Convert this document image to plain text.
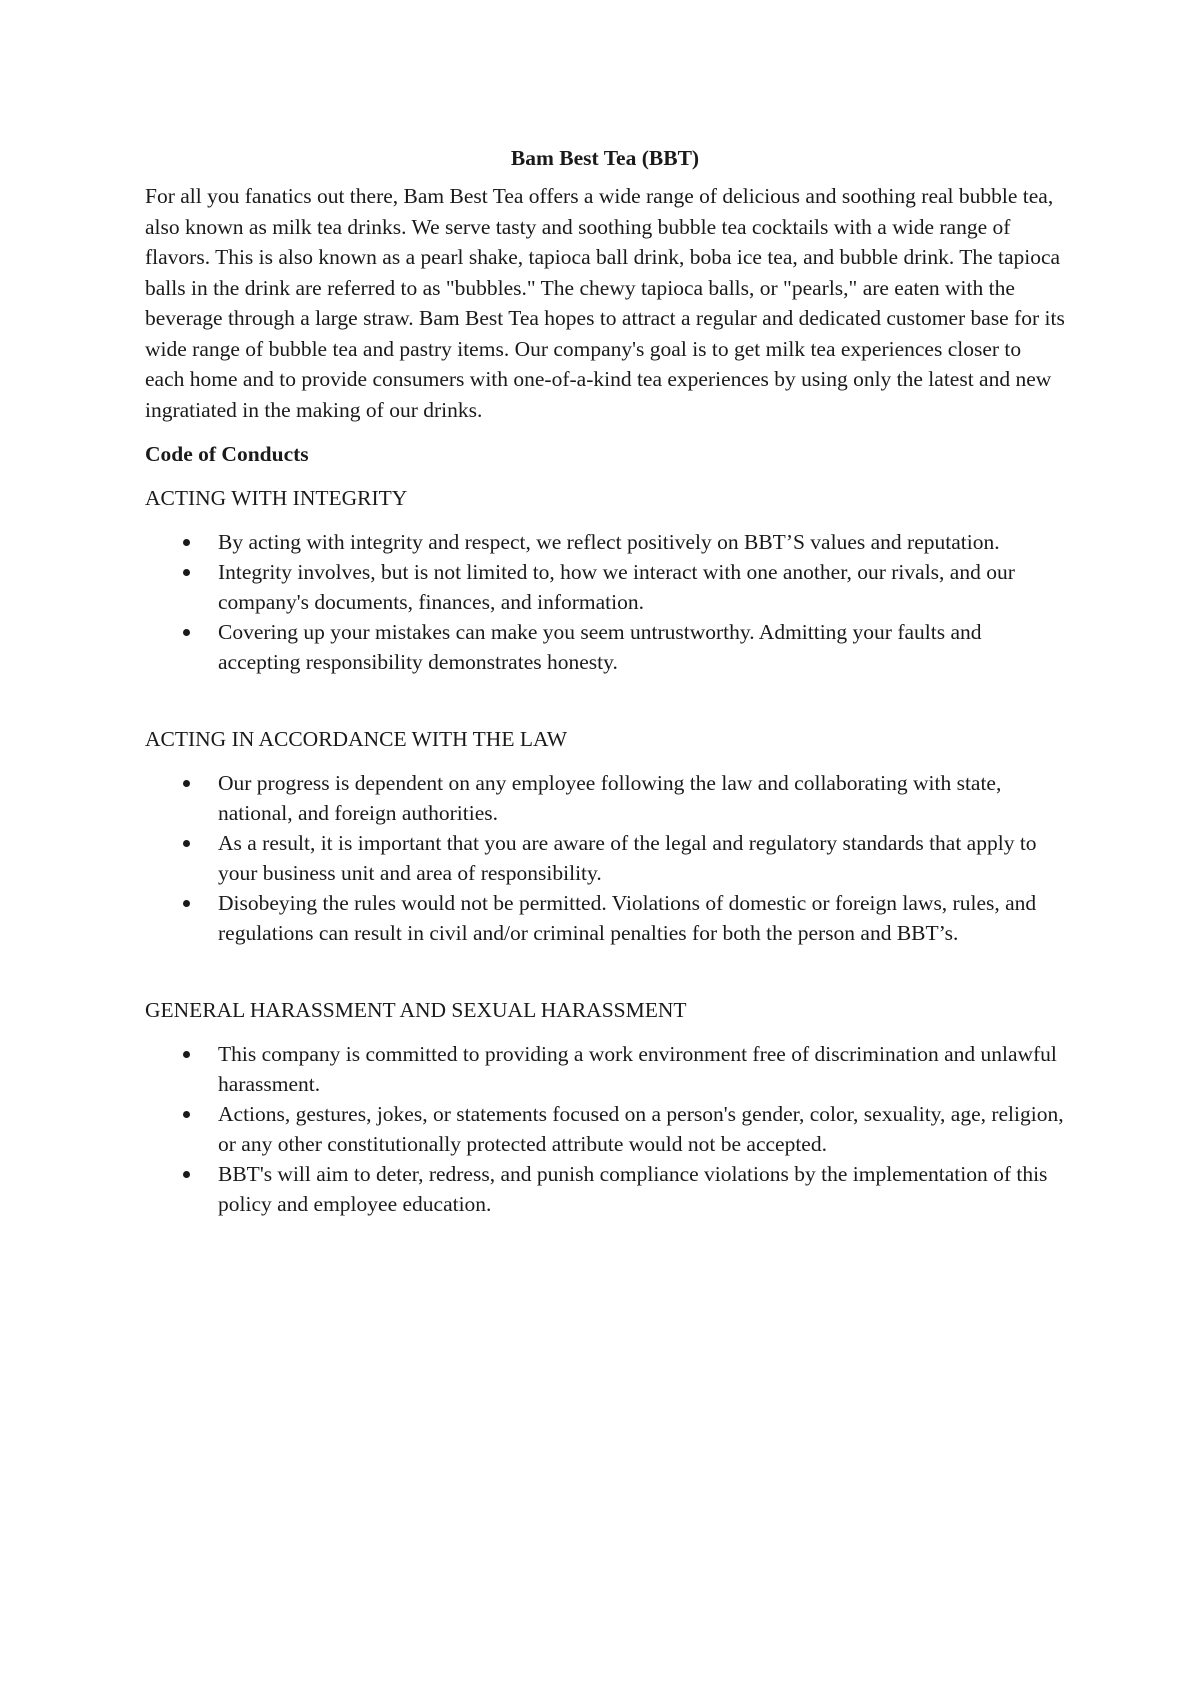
Bam Best Tea (BBT)

For all you fanatics out there, Bam Best Tea offers a wide range of delicious and soothing real bubble tea, also known as milk tea drinks. We serve tasty and soothing bubble tea cocktails with a wide range of flavors. This is also known as a pearl shake, tapioca ball drink, boba ice tea, and bubble drink. The tapioca balls in the drink are referred to as "bubbles." The chewy tapioca balls, or "pearls," are eaten with the beverage through a large straw. Bam Best Tea hopes to attract a regular and dedicated customer base for its wide range of bubble tea and pastry items. Our company's goal is to get milk tea experiences closer to each home and to provide consumers with one-of-a-kind tea experiences by using only the latest and new ingratiated in the making of our drinks.

Code of Conducts
ACTING WITH INTEGRITY
By acting with integrity and respect, we reflect positively on BBT’S values and reputation.
Integrity involves, but is not limited to, how we interact with one another, our rivals, and our company's documents, finances, and information.
Covering up your mistakes can make you seem untrustworthy. Admitting your faults and accepting responsibility demonstrates honesty.
ACTING IN ACCORDANCE WITH THE LAW
Our progress is dependent on any employee following the law and collaborating with state, national, and foreign authorities.
As a result, it is important that you are aware of the legal and regulatory standards that apply to your business unit and area of responsibility.
Disobeying the rules would not be permitted. Violations of domestic or foreign laws, rules, and regulations can result in civil and/or criminal penalties for both the person and BBT’s.
GENERAL HARASSMENT AND SEXUAL HARASSMENT
This company is committed to providing a work environment free of discrimination and unlawful harassment.
Actions, gestures, jokes, or statements focused on a person's gender, color, sexuality, age, religion, or any other constitutionally protected attribute would not be accepted.
BBT's will aim to deter, redress, and punish compliance violations by the implementation of this policy and employee education.
